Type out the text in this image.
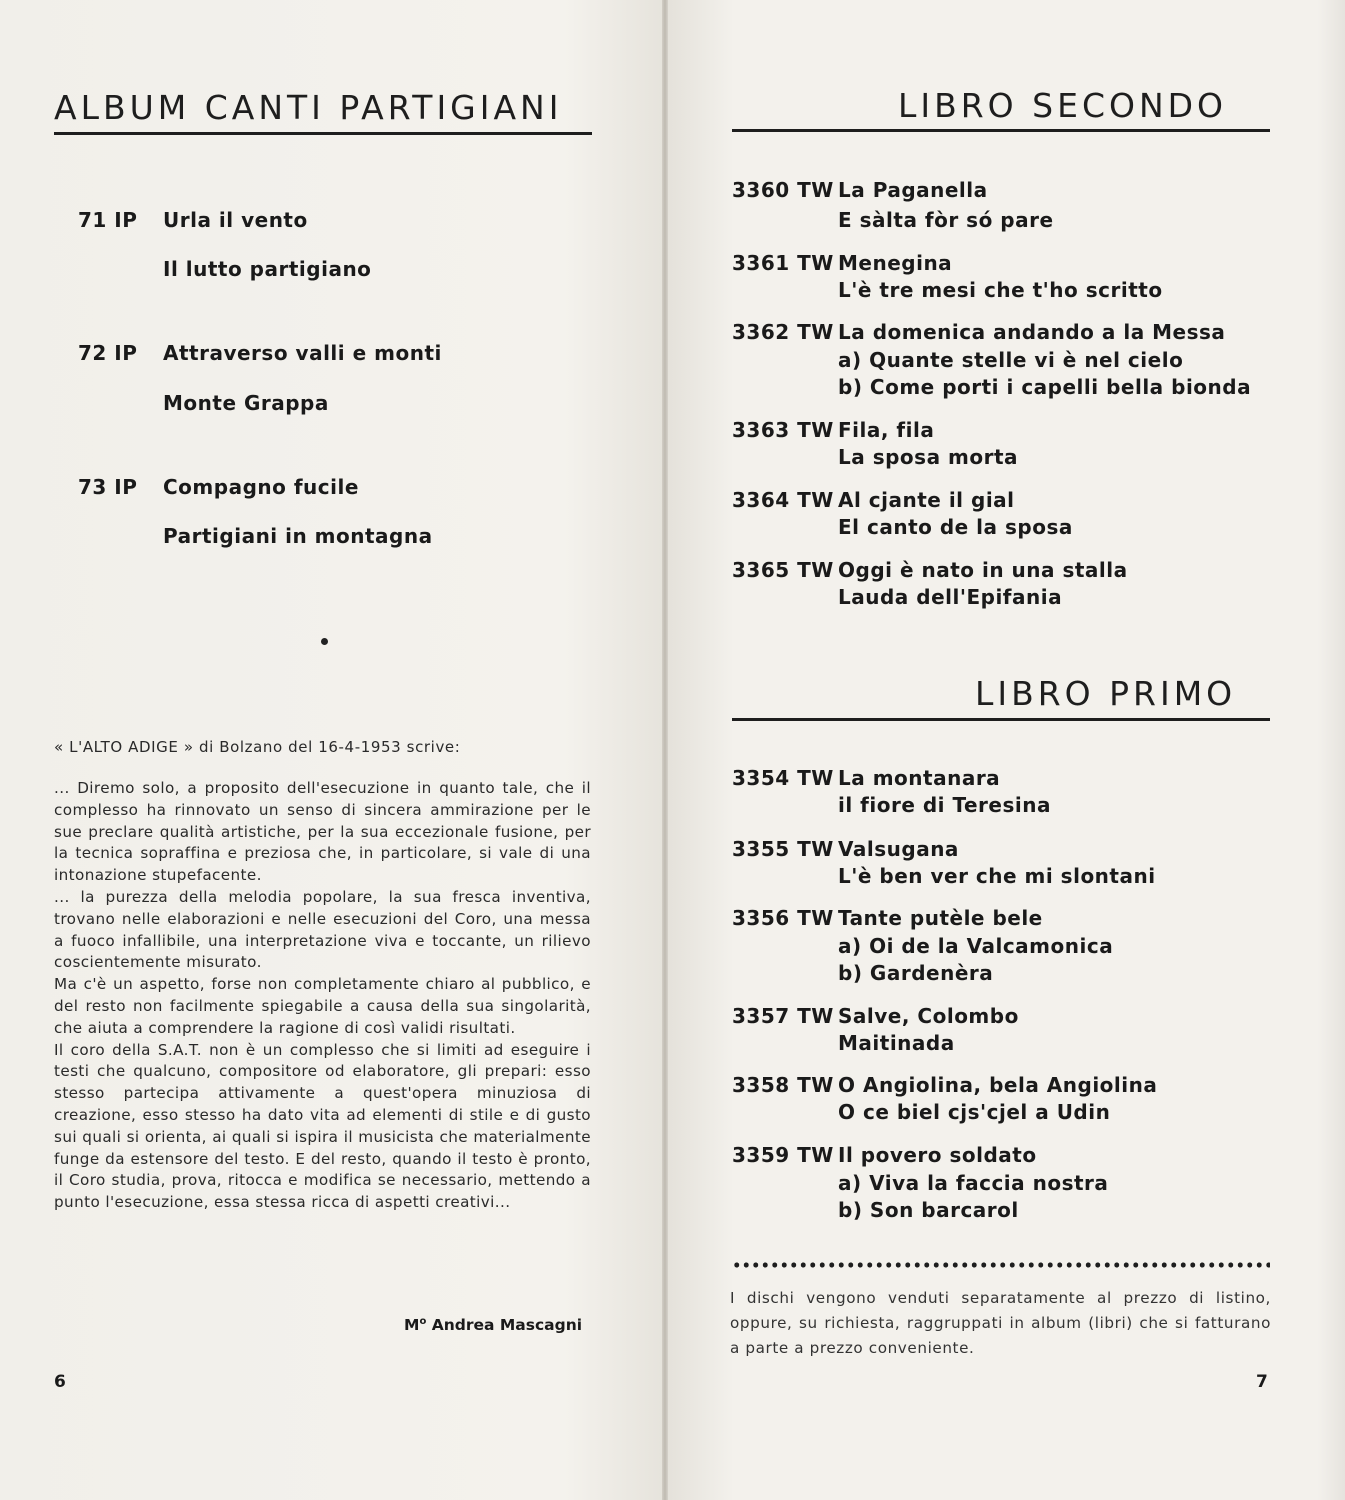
ALBUM CANTI PARTIGIANI
71 IP Urla il vento
Il lutto partigiano
72 IP Attraverso valli e monti
Monte Grappa
73 IP Compagno fucile
Partigiani in montagna
« L'ALTO ADIGE » di Bolzano del 16-4-1953 scrive:

... Diremo solo, a proposito dell'esecuzione in quanto tale, che il complesso ha rinnovato un senso di sincera ammirazione per le sue preclare qualità artistiche, per la sua eccezionale fusione, per la tecnica sopraffina e preziosa che, in particolare, si vale di una intonazione stupefacente.

... la purezza della melodia popolare, la sua fresca inventiva, trovano nelle elaborazioni e nelle esecuzioni del Coro, una messa a fuoco infallibile, una interpretazione viva e toccante, un rilievo coscientemente misurato.

Ma c'è un aspetto, forse non completamente chiaro al pubblico, e del resto non facilmente spiegabile a causa della sua singolarità, che aiuta a comprendere la ragione di così validi risultati.

Il coro della S.A.T. non è un complesso che si limiti ad eseguire i testi che qualcuno, compositore od elaboratore, gli prepari: esso stesso partecipa attivamente a quest'opera minuziosa di creazione, esso stesso ha dato vita ad elementi di stile e di gusto sui quali si orienta, ai quali si ispira il musicista che materialmente funge da estensore del testo. E del resto, quando il testo è pronto, il Coro studia, prova, ritocca e modifica se necessario, mettendo a punto l'esecuzione, essa stessa ricca di aspetti creativi...

$M^o$ Andrea Mascagni
6
LIBRO SECONDO
3360 TW La Paganella
E sàlta fòr só pare
3361 TW Menegina
L'è tre mesi che t'ho scritto
3362 TW La domenica andando a la Messa
a) Quante stelle vi è nel cielo
b) Come porti i capelli bella bionda
3363 TW Fila, fila
La sposa morta
3364 TW Al cjante il gial
El canto de la sposa
3365 TW Oggi è nato in una stalla
Lauda dell'Epifania
LIBRO PRIMO
3354 TW La montanara
il fiore di Teresina
3355 TW Valsugana
L'è ben ver che mi slontani
3356 TW Tante putèle bele
a) Oi de la Valcamonica
b) Gardenèra
3357 TW Salve, Colombo
Maitinada
3358 TW O Angiolina, bela Angiolina
O ce biel cjs'cjel a Udin
3359 TW Il povero soldato
a) Viva la faccia nostra
b) Son barcarol
I dischi vengono venduti separatamente al prezzo di listino, oppure, su richiesta, raggruppati in album (libri) che si fatturano a parte a prezzo conveniente.
7
